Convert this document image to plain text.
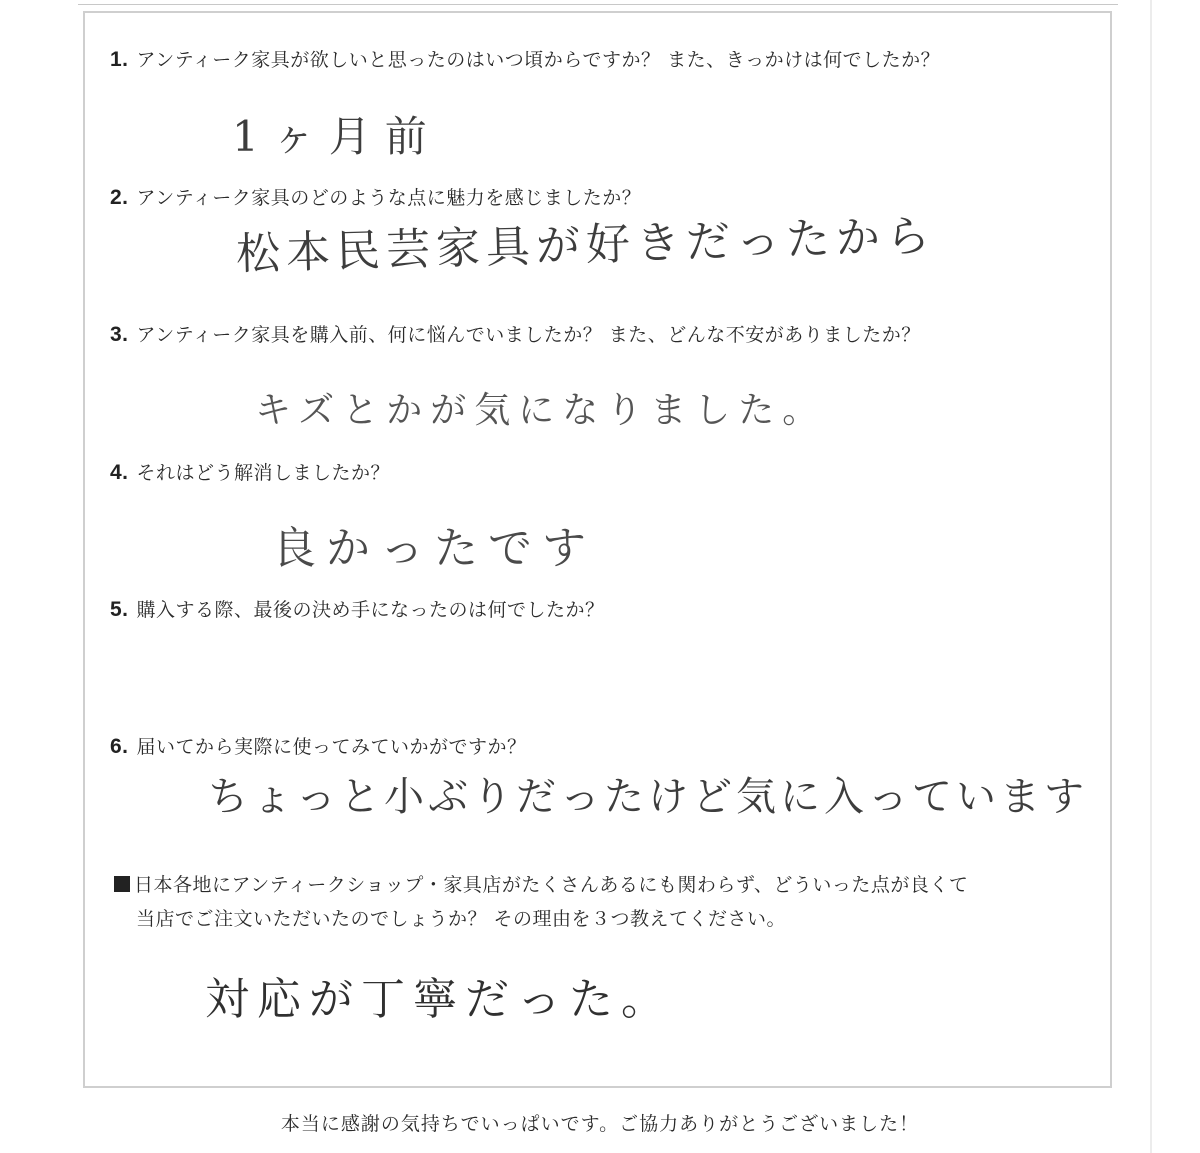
1. アンティーク家具が欲しいと思ったのはいつ頃からですか？ また、きっかけは何でしたか？
1ヶ月前
2. アンティーク家具のどのような点に魅力を感じましたか？
松本民芸家具が好きだったから
3. アンティーク家具を購入前、何に悩んでいましたか？ また、どんな不安がありましたか？
キズとかが気になりました。
4. それはどう解消しましたか？
良かったです
5. 購入する際、最後の決め手になったのは何でしたか？
6. 届いてから実際に使ってみていかがですか？
ちょっと小ぶりだったけど気に入っています
日本各地にアンティークショップ・家具店がたくさんあるにも関わらず、どういった点が良くて
当店でご注文いただいたのでしょうか？ その理由を３つ教えてください。
対応が丁寧だった。
本当に感謝の気持ちでいっぱいです。ご協力ありがとうございました！
